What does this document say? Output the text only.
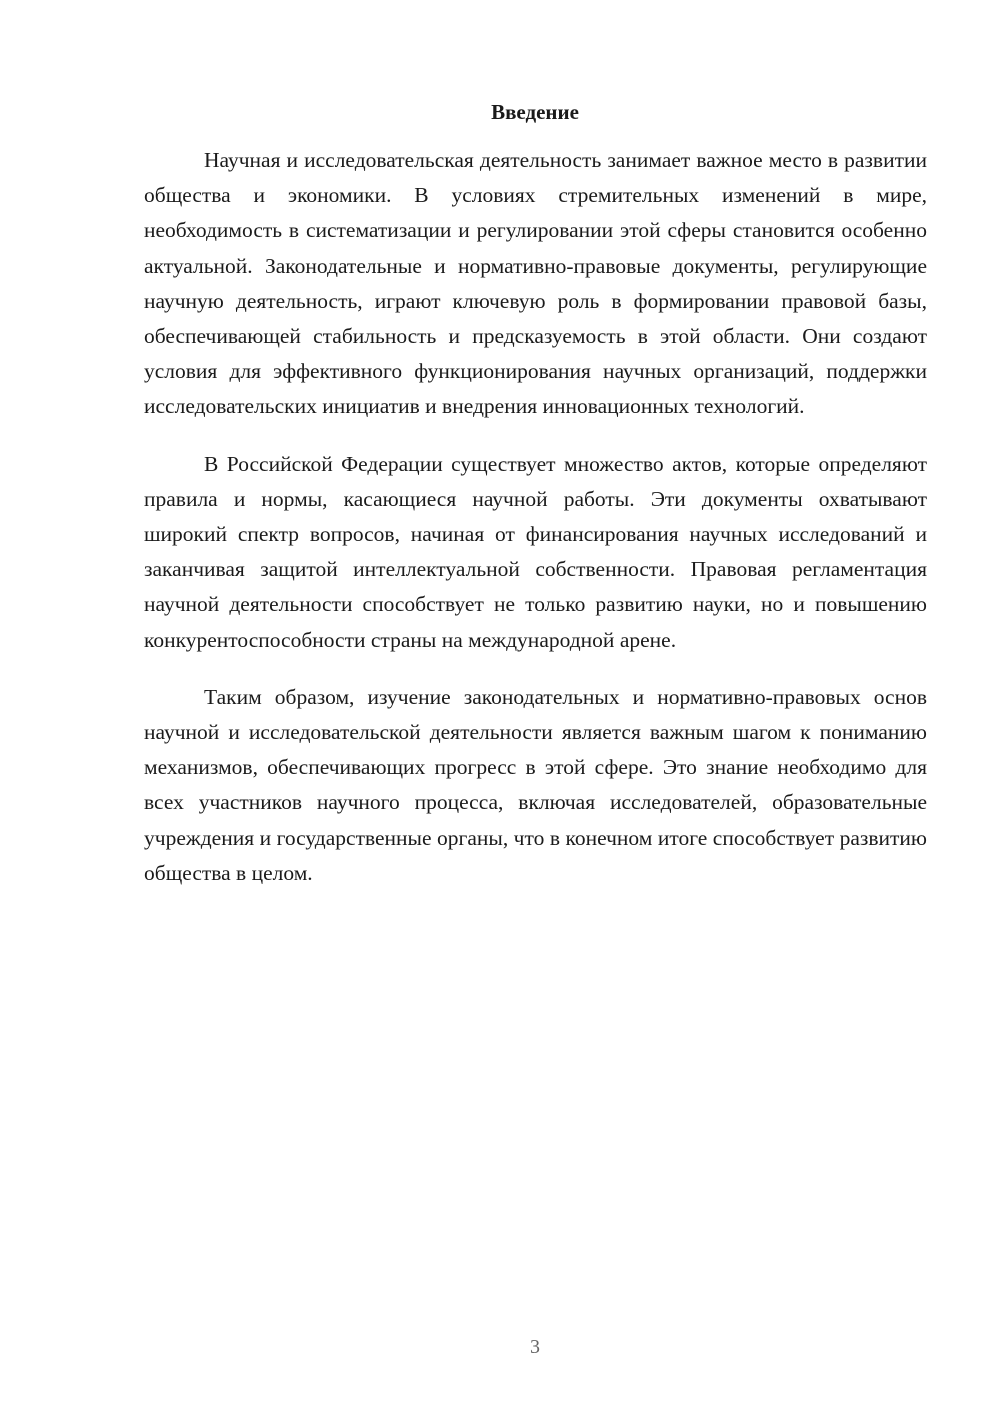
Введение

Научная и исследовательская деятельность занимает важное место в развитии общества и экономики. В условиях стремительных изменений в мире, необходимость в систематизации и регулировании этой сферы становится особенно актуальной. Законодательные и нормативно-правовые документы, регулирующие научную деятельность, играют ключевую роль в формировании правовой базы, обеспечивающей стабильность и предсказуемость в этой области. Они создают условия для эффективного функционирования научных организаций, поддержки исследовательских инициатив и внедрения инновационных технологий.

В Российской Федерации существует множество актов, которые определяют правила и нормы, касающиеся научной работы. Эти документы охватывают широкий спектр вопросов, начиная от финансирования научных исследований и заканчивая защитой интеллектуальной собственности. Правовая регламентация научной деятельности способствует не только развитию науки, но и повышению конкурентоспособности страны на международной арене.

Таким образом, изучение законодательных и нормативно-правовых основ научной и исследовательской деятельности является важным шагом к пониманию механизмов, обеспечивающих прогресс в этой сфере. Это знание необходимо для всех участников научного процесса, включая исследователей, образовательные учреждения и государственные органы, что в конечном итоге способствует развитию общества в целом.

3
